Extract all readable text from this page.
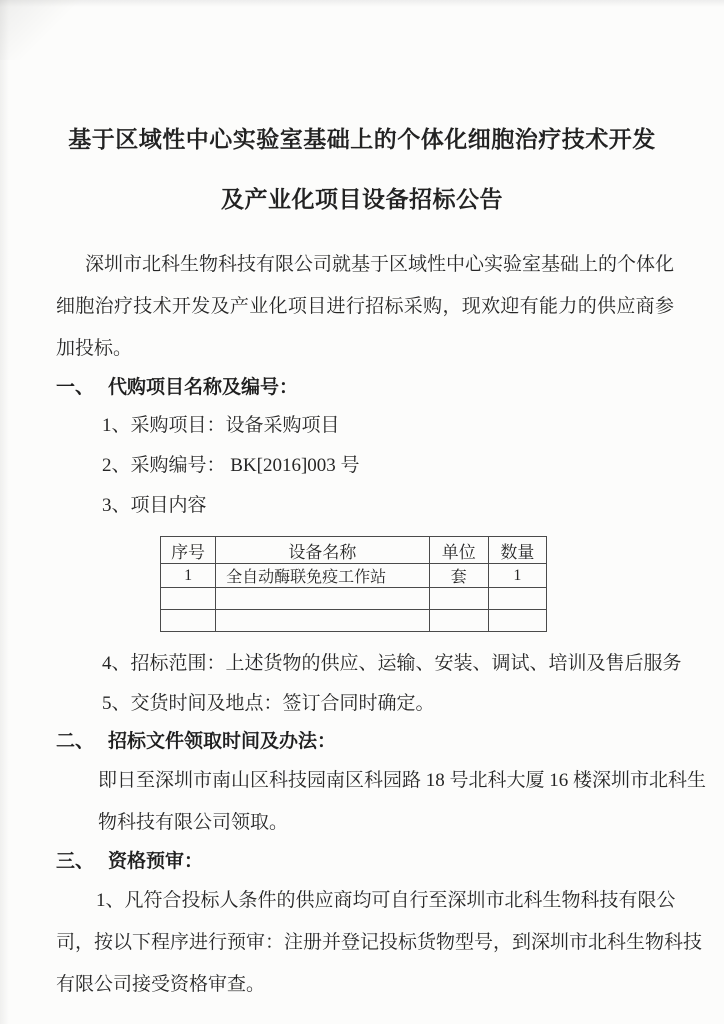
基于区域性中心实验室基础上的个体化细胞治疗技术开发

及产业化项目设备招标公告

深圳市北科生物科技有限公司就基于区域性中心实验室基础上的个体化细胞治疗技术开发及产业化项目进行招标采购，现欢迎有能力的供应商参加投标。

一、 代购项目名称及编号：

1、采购项目：设备采购项目

2、采购编号： BK[2016]003 号

3、项目内容

序号	设备名称	单位	数量
1	全自动酶联免疫工作站	套	1

4、招标范围：上述货物的供应、运输、安装、调试、培训及售后服务

5、交货时间及地点：签订合同时确定。

二、 招标文件领取时间及办法：

即日至深圳市南山区科技园南区科园路 18 号北科大厦 16 楼深圳市北科生物科技有限公司领取。

三、 资格预审：

1、凡符合投标人条件的供应商均可自行至深圳市北科生物科技有限公司，按以下程序进行预审：注册并登记投标货物型号，到深圳市北科生物科技有限公司接受资格审查。
